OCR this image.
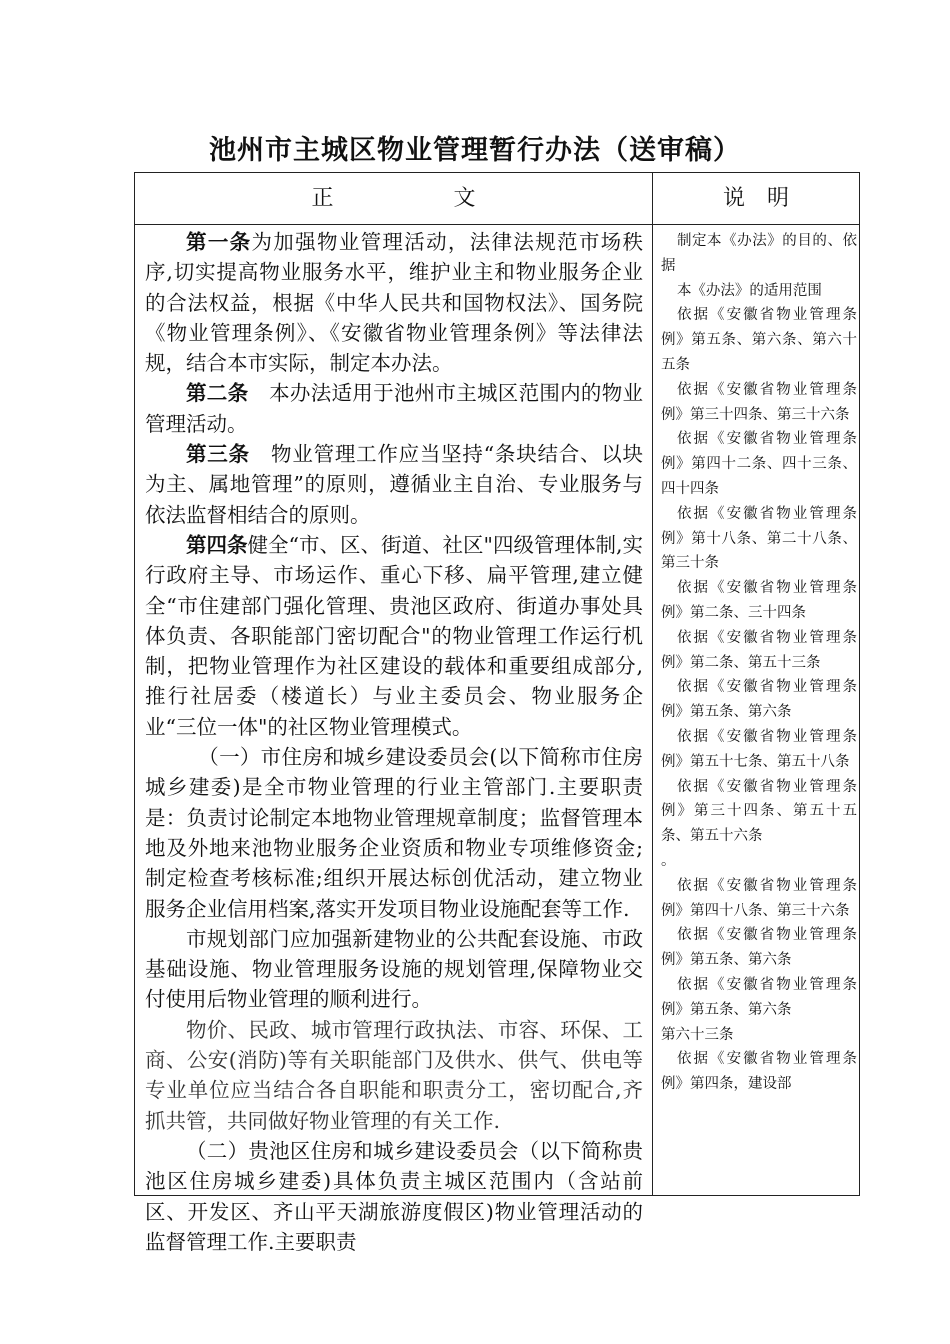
池州市主城区物业管理暂行办法（送审稿）
正文	说明

第一条为加强物业管理活动，法律法规范市场秩序,切实提高物业服务水平，维护业主和物业服务企业的合法权益，根据《中华人民共和国物权法》、国务院《物业管理条例》、《安徽省物业管理条例》等法律法规，结合本市实际，制定本办法。

第二条　本办法适用于池州市主城区范围内的物业管理活动。

第三条　物业管理工作应当坚持“条块结合、以块为主、属地管理”的原则，遵循业主自治、专业服务与依法监督相结合的原则。

第四条健全“市、区、街道、社区"四级管理体制,实行政府主导、市场运作、重心下移、扁平管理,建立健全“市住建部门强化管理、贵池区政府、街道办事处具体负责、各职能部门密切配合"的物业管理工作运行机制，把物业管理作为社区建设的载体和重要组成部分,推行社居委（楼道长）与业主委员会、物业服务企业“三位一体"的社区物业管理模式。

（一）市住房和城乡建设委员会(以下简称市住房城乡建委)是全市物业管理的行业主管部门.主要职责是：负责讨论制定本地物业管理规章制度；监督管理本地及外地来池物业服务企业资质和物业专项维修资金;制定检查考核标准;组织开展达标创优活动，建立物业服务企业信用档案,落实开发项目物业设施配套等工作.

市规划部门应加强新建物业的公共配套设施、市政基础设施、物业管理服务设施的规划管理,保障物业交付使用后物业管理的顺利进行。

物价、民政、城市管理行政执法、市容、环保、工商、公安(消防)等有关职能部门及供水、供气、供电等专业单位应当结合各自职能和职责分工，密切配合,齐抓共管，共同做好物业管理的有关工作.

（二）贵池区住房和城乡建设委员会（以下简称贵池区住房城乡建委)具体负责主城区范围内（含站前区、开发区、齐山平天湖旅游度假区)物业管理活动的监督管理工作.主要职责

制定本《办法》的目的、依据

本《办法》的适用范围

依据《安徽省物业管理条例》第五条、第六条、第六十五条

依据《安徽省物业管理条例》第三十四条、第三十六条

依据《安徽省物业管理条例》第四十二条、四十三条、四十四条

依据《安徽省物业管理条例》第十八条、第二十八条、第三十条

依据《安徽省物业管理条例》第二条、三十四条

依据《安徽省物业管理条例》第二条、第五十三条

依据《安徽省物业管理条例》第五条、第六条

依据《安徽省物业管理条例》第五十七条、第五十八条

依据《安徽省物业管理条例》第三十四条、第五十五条、第五十六条

。

依据《安徽省物业管理条例》第四十八条、第三十六条

依据《安徽省物业管理条例》第五条、第六条

依据《安徽省物业管理条例》第五条、第六条

第六十三条

依据《安徽省物业管理条例》第四条，建设部
